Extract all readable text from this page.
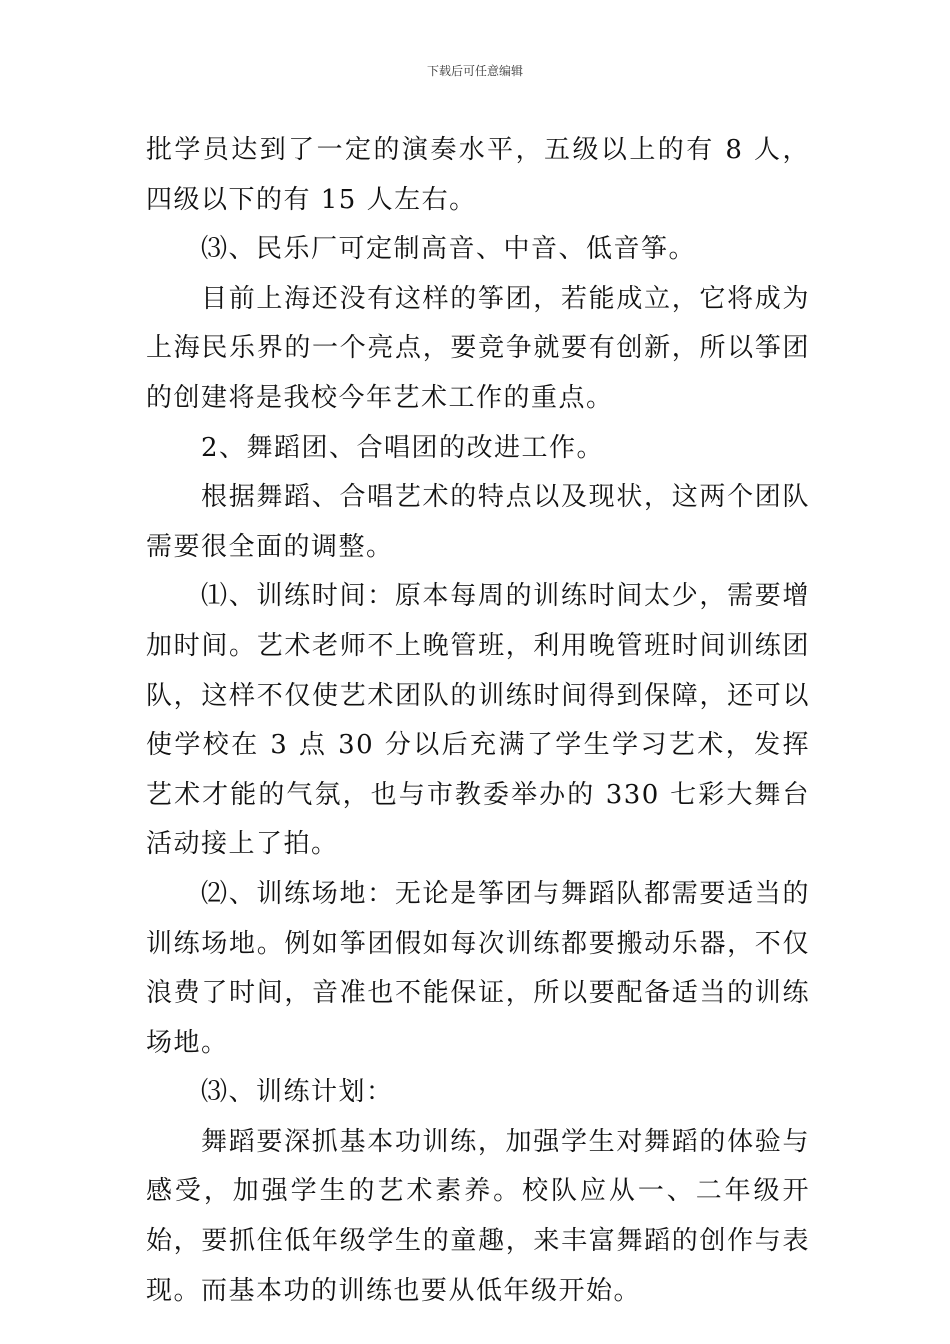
下载后可任意编辑

批学员达到了一定的演奏水平，五级以上的有 8 人，四级以下的有 15 人左右。

⑶、民乐厂可定制高音、中音、低音筝。

目前上海还没有这样的筝团，若能成立，它将成为上海民乐界的一个亮点，要竞争就要有创新，所以筝团的创建将是我校今年艺术工作的重点。

2、舞蹈团、合唱团的改进工作。

根据舞蹈、合唱艺术的特点以及现状，这两个团队需要很全面的调整。

⑴、训练时间：原本每周的训练时间太少，需要增加时间。艺术老师不上晚管班，利用晚管班时间训练团队，这样不仅使艺术团队的训练时间得到保障，还可以使学校在 3 点 30 分以后充满了学生学习艺术，发挥艺术才能的气氛，也与市教委举办的 330 七彩大舞台活动接上了拍。

⑵、训练场地：无论是筝团与舞蹈队都需要适当的训练场地。例如筝团假如每次训练都要搬动乐器，不仅浪费了时间，音准也不能保证，所以要配备适当的训练场地。

⑶、训练计划：

舞蹈要深抓基本功训练，加强学生对舞蹈的体验与感受，加强学生的艺术素养。校队应从一、二年级开始，要抓住低年级学生的童趣，来丰富舞蹈的创作与表现。而基本功的训练也要从低年级开始。
